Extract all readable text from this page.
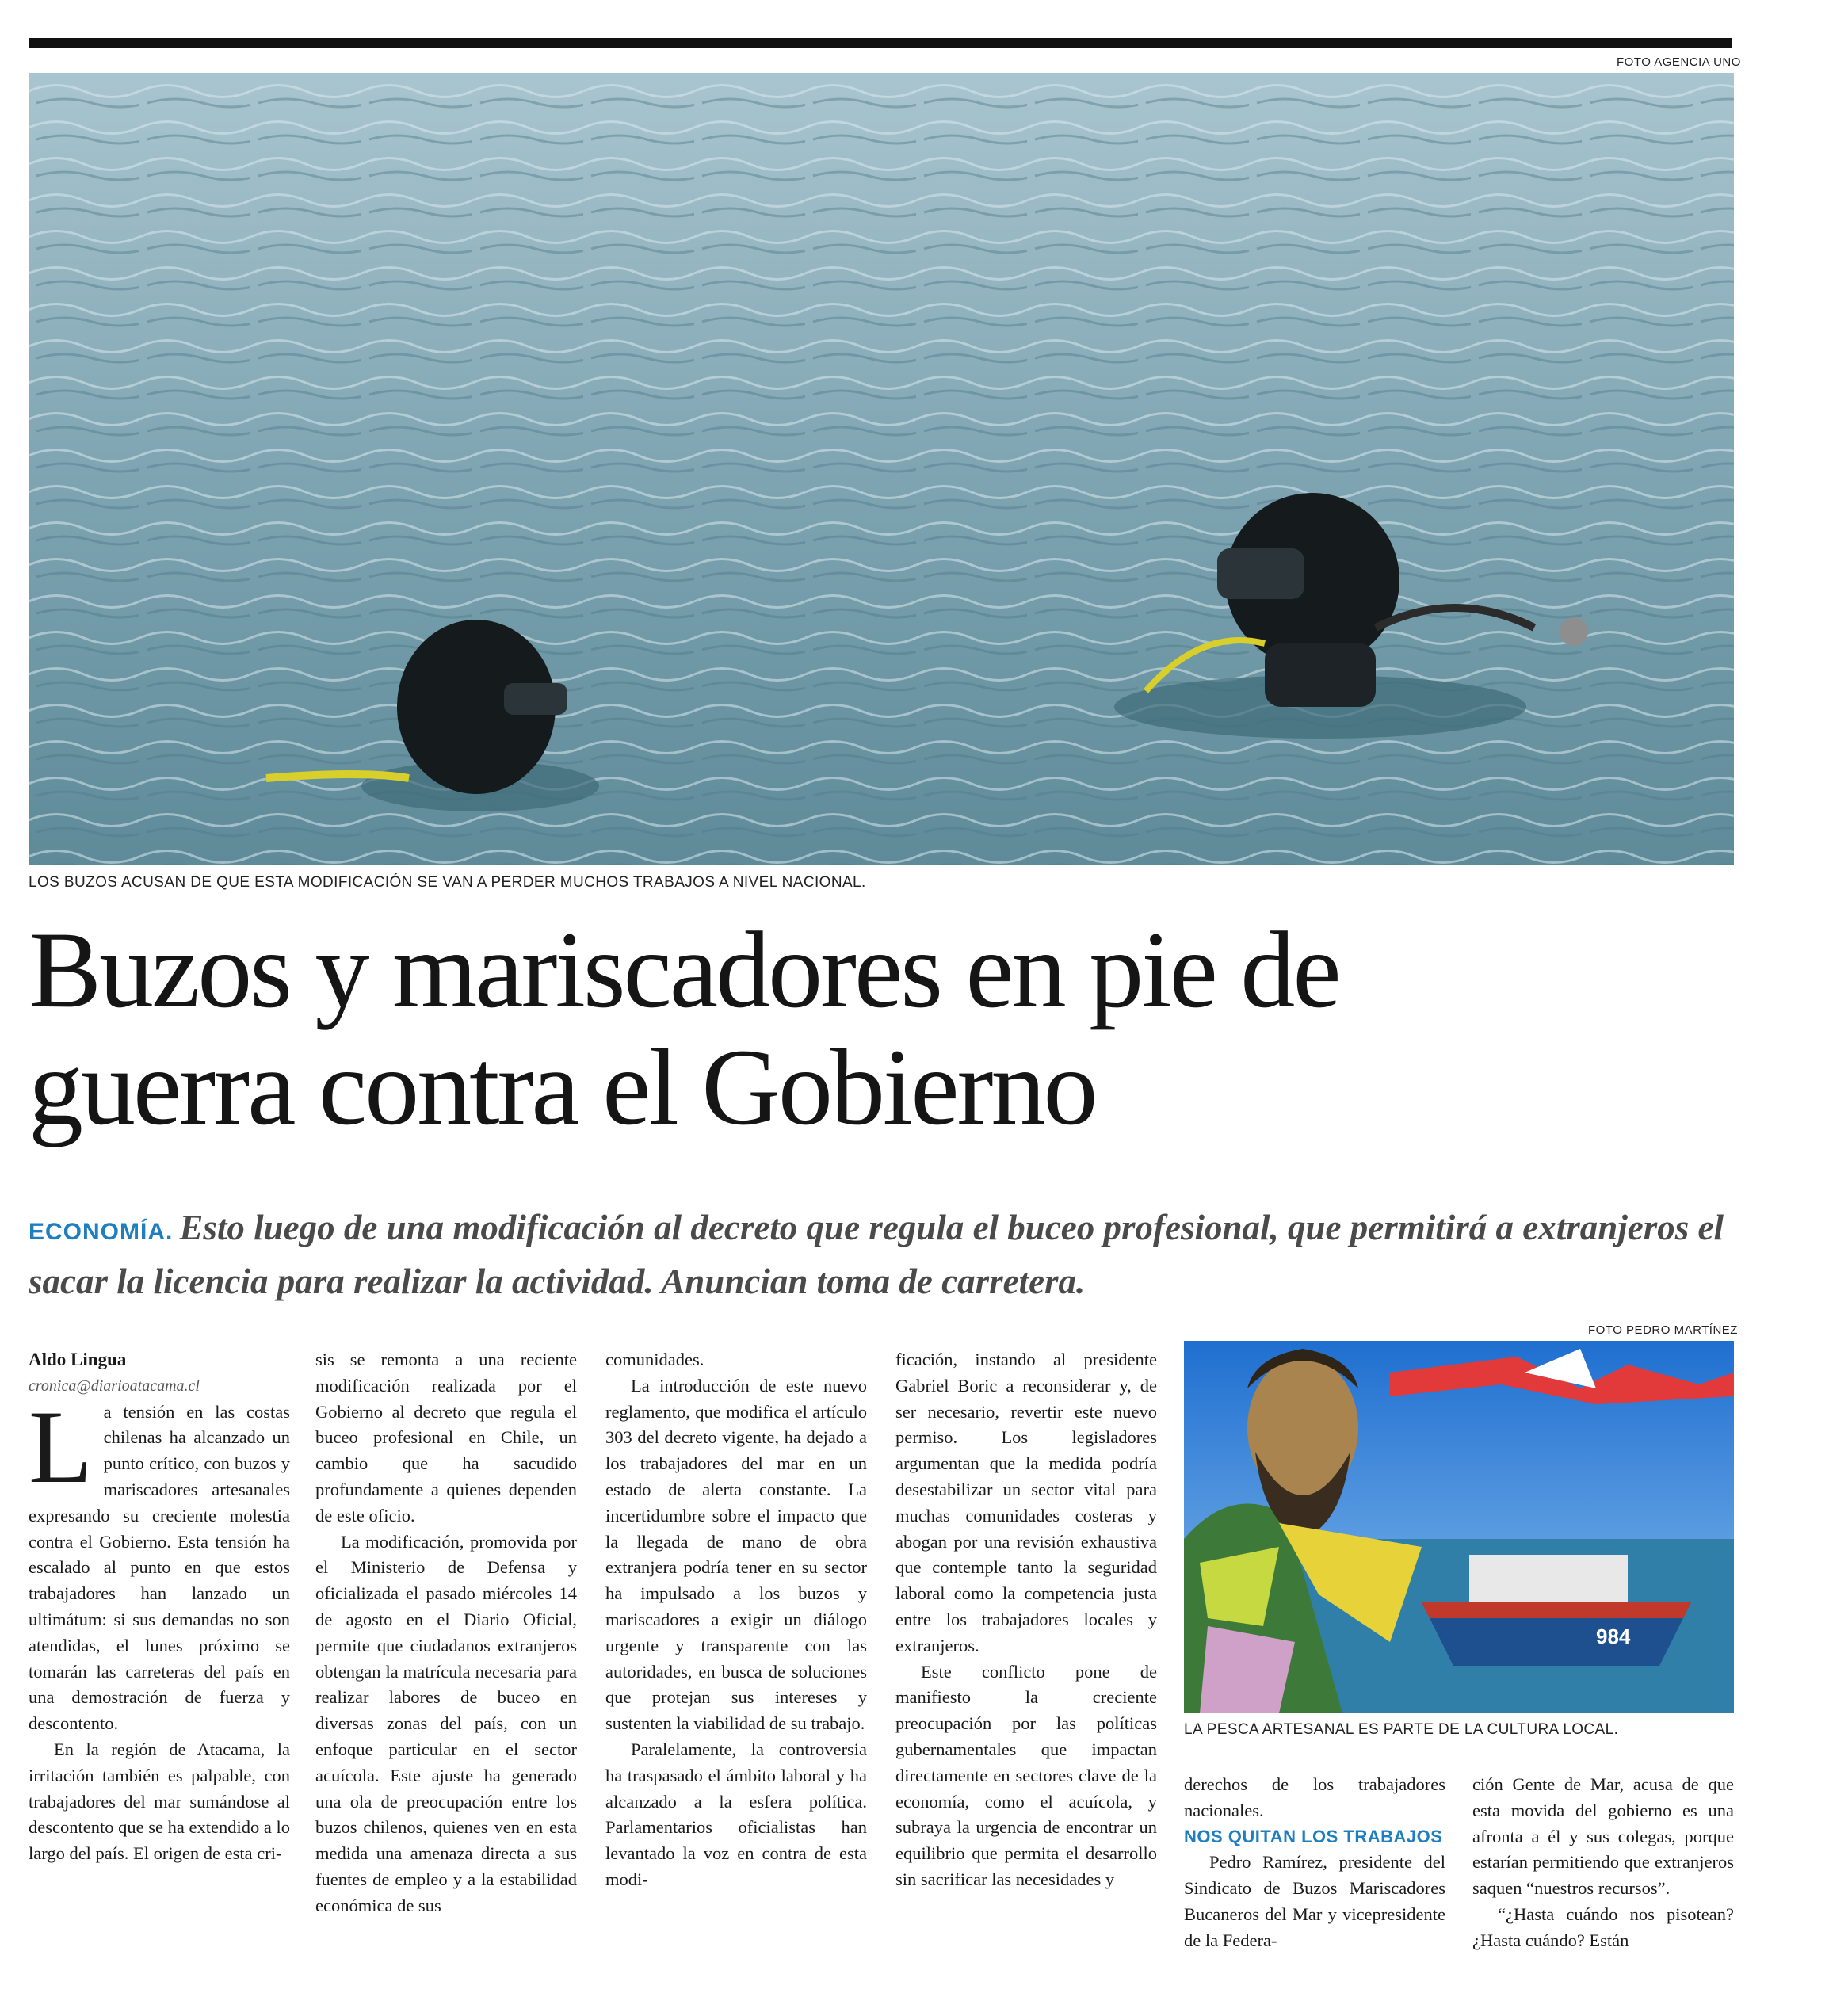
FOTO AGENCIA UNO
LOS BUZOS ACUSAN DE QUE ESTA MODIFICACIÓN SE VAN A PERDER MUCHOS TRABAJOS A NIVEL NACIONAL.
Buzos y mariscadores en pie de
guerra contra el Gobierno
ECONOMÍA. Esto luego de una modificación al decreto que regula el buceo profesional, que permitirá a extranjeros el sacar la licencia para realizar la actividad. Anuncian toma de carretera.

Aldo Lingua

cronica@diarioatacama.cl

La tensión en las costas chilenas ha alcanzado un punto crítico, con buzos y mariscadores artesanales expresando su creciente molestia contra el Gobierno. Esta tensión ha escalado al punto en que estos trabajadores han lanzado un ultimátum: si sus demandas no son atendidas, el lunes próximo se tomarán las carreteras del país en una demostración de fuerza y descontento.

En la región de Atacama, la irritación también es palpable, con trabajadores del mar sumándose al descontento que se ha extendido a lo largo del país. El origen de esta cri-

sis se remonta a una reciente modificación realizada por el Gobierno al decreto que regula el buceo profesional en Chile, un cambio que ha sacudido profundamente a quienes dependen de este oficio.

La modificación, promovida por el Ministerio de Defensa y oficializada el pasado miércoles 14 de agosto en el Diario Oficial, permite que ciudadanos extranjeros obtengan la matrícula necesaria para realizar labores de buceo en diversas zonas del país, con un enfoque particular en el sector acuícola. Este ajuste ha generado una ola de preocupación entre los buzos chilenos, quienes ven en esta medida una amenaza directa a sus fuentes de empleo y a la estabilidad económica de sus

comunidades.

La introducción de este nuevo reglamento, que modifica el artículo 303 del decreto vigente, ha dejado a los trabajadores del mar en un estado de alerta constante. La incertidumbre sobre el impacto que la llegada de mano de obra extranjera podría tener en su sector ha impulsado a los buzos y mariscadores a exigir un diálogo urgente y transparente con las autoridades, en busca de soluciones que protejan sus intereses y sustenten la viabilidad de su trabajo.

Paralelamente, la controversia ha traspasado el ámbito laboral y ha alcanzado a la esfera política. Parlamentarios oficialistas han levantado la voz en contra de esta modi-

ficación, instando al presidente Gabriel Boric a reconsiderar y, de ser necesario, revertir este nuevo permiso. Los legisladores argumentan que la medida podría desestabilizar un sector vital para muchas comunidades costeras y abogan por una revisión exhaustiva que contemple tanto la seguridad laboral como la competencia justa entre los trabajadores locales y extranjeros.

Este conflicto pone de manifiesto la creciente preocupación por las políticas gubernamentales que impactan directamente en sectores clave de la economía, como el acuícola, y subraya la urgencia de encontrar un equilibrio que permita el desarrollo sin sacrificar las necesidades y

FOTO PEDRO MARTÍNEZ
984
LA PESCA ARTESANAL ES PARTE DE LA CULTURA LOCAL.

derechos de los trabajadores nacionales.

NOS QUITAN LOS TRABAJOS

Pedro Ramírez, presidente del Sindicato de Buzos Mariscadores Bucaneros del Mar y vicepresidente de la Federa-

ción Gente de Mar, acusa de que esta movida del gobierno es una afronta a él y sus colegas, porque estarían permitiendo que extranjeros saquen “nuestros recursos”.

“¿Hasta cuándo nos pisotean? ¿Hasta cuándo? Están
